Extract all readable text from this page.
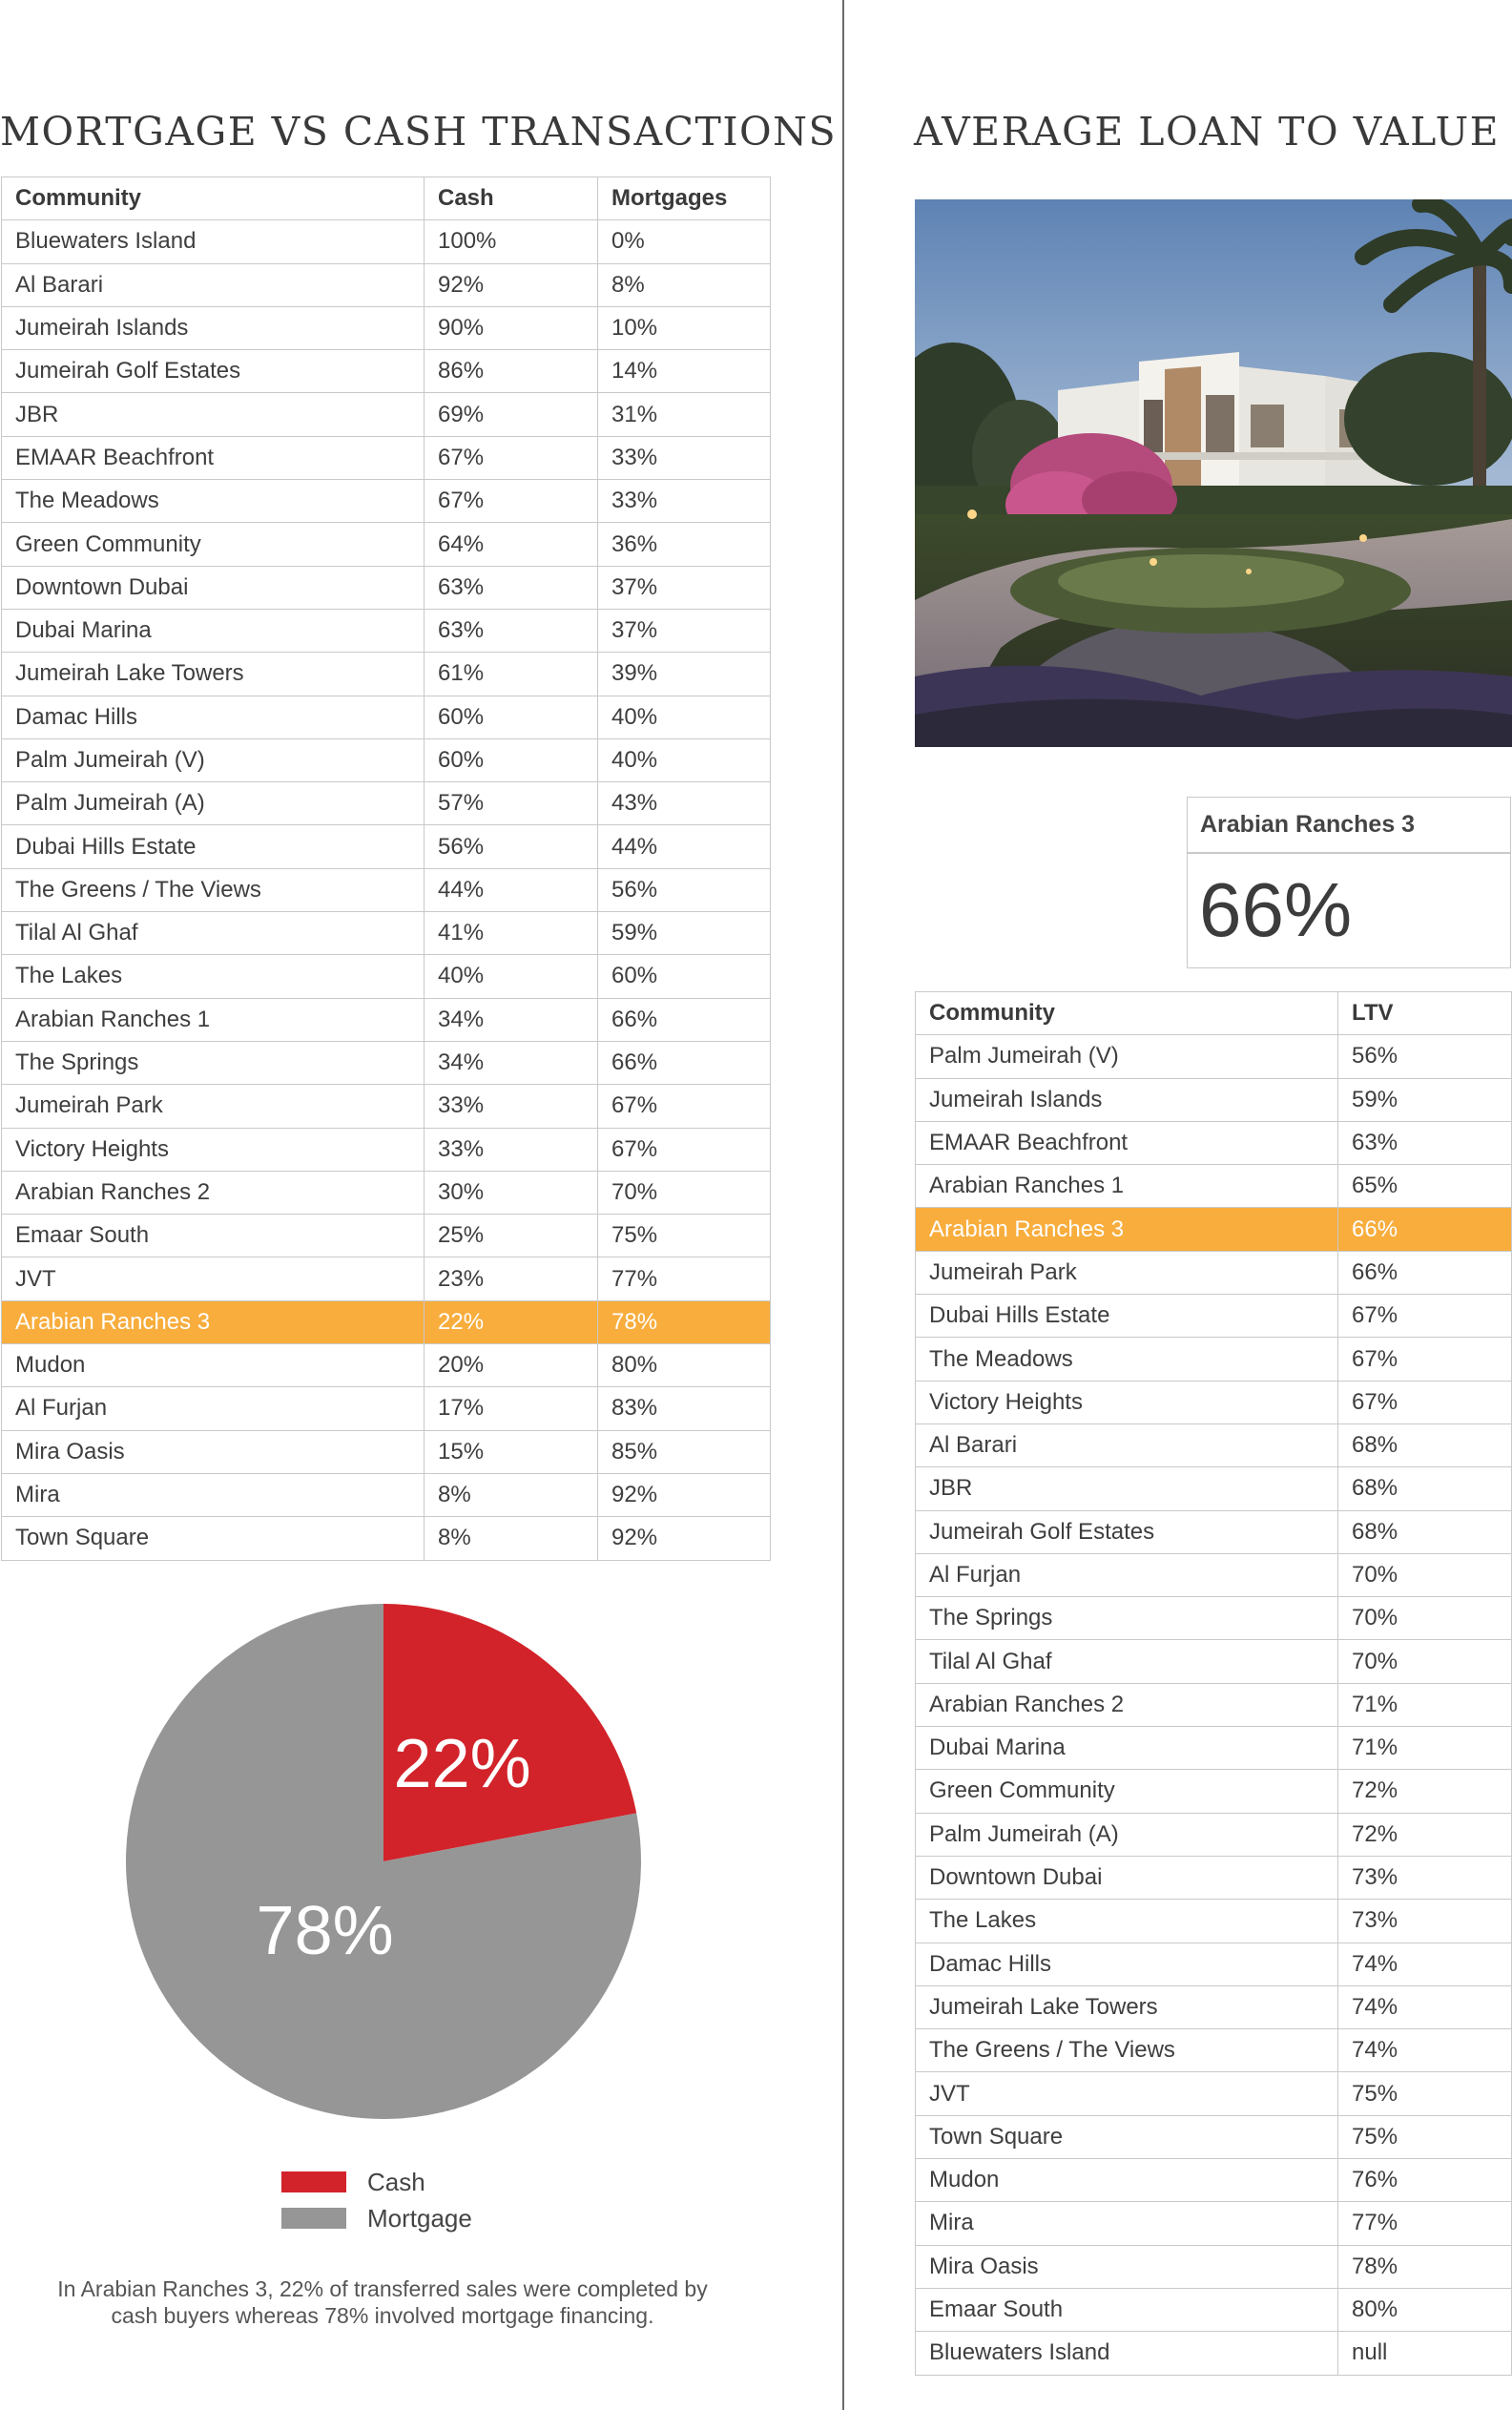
MORTGAGE VS CASH TRANSACTIONS AVERAGE LOAN TO VALUE
Community	Cash	Mortgages
Bluewaters Island	100%	0%
Al Barari	92%	8%
Jumeirah Islands	90%	10%
Jumeirah Golf Estates	86%	14%
JBR	69%	31%
EMAAR Beachfront	67%	33%
The Meadows	67%	33%
Green Community	64%	36%
Downtown Dubai	63%	37%
Dubai Marina	63%	37%
Jumeirah Lake Towers	61%	39%
Damac Hills	60%	40%
Palm Jumeirah (V)	60%	40%
Palm Jumeirah (A)	57%	43%
Dubai Hills Estate	56%	44%
The Greens / The Views	44%	56%
Tilal Al Ghaf	41%	59%
The Lakes	40%	60%
Arabian Ranches 1	34%	66%
The Springs	34%	66%
Jumeirah Park	33%	67%
Victory Heights	33%	67%
Arabian Ranches 2	30%	70%
Emaar South	25%	75%
JVT	23%	77%
Arabian Ranches 3	22%	78%
Mudon	20%	80%
Al Furjan	17%	83%
Mira Oasis	15%	85%
Mira	8%	92%
Town Square	8%	92%
Arabian Ranches 3
66%
Community	LTV
Palm Jumeirah (V)	56%
Jumeirah Islands	59%
EMAAR Beachfront	63%
Arabian Ranches 1	65%
Arabian Ranches 3	66%
Jumeirah Park	66%
Dubai Hills Estate	67%
The Meadows	67%
Victory Heights	67%
Al Barari	68%
JBR	68%
Jumeirah Golf Estates	68%
Al Furjan	70%
The Springs	70%
Tilal Al Ghaf	70%
Arabian Ranches 2	71%
Dubai Marina	71%
Green Community	72%
Palm Jumeirah (A)	72%
Downtown Dubai	73%
The Lakes	73%
Damac Hills	74%
Jumeirah Lake Towers	74%
The Greens / The Views	74%
JVT	75%
Town Square	75%
Mudon	76%
Mira	77%
Mira Oasis	78%
Emaar South	80%
Bluewaters Island	null
22%
78%
Cash
Mortgage

In Arabian Ranches 3, 22% of transferred sales were completed by cash buyers whereas 78% involved mortgage financing.
